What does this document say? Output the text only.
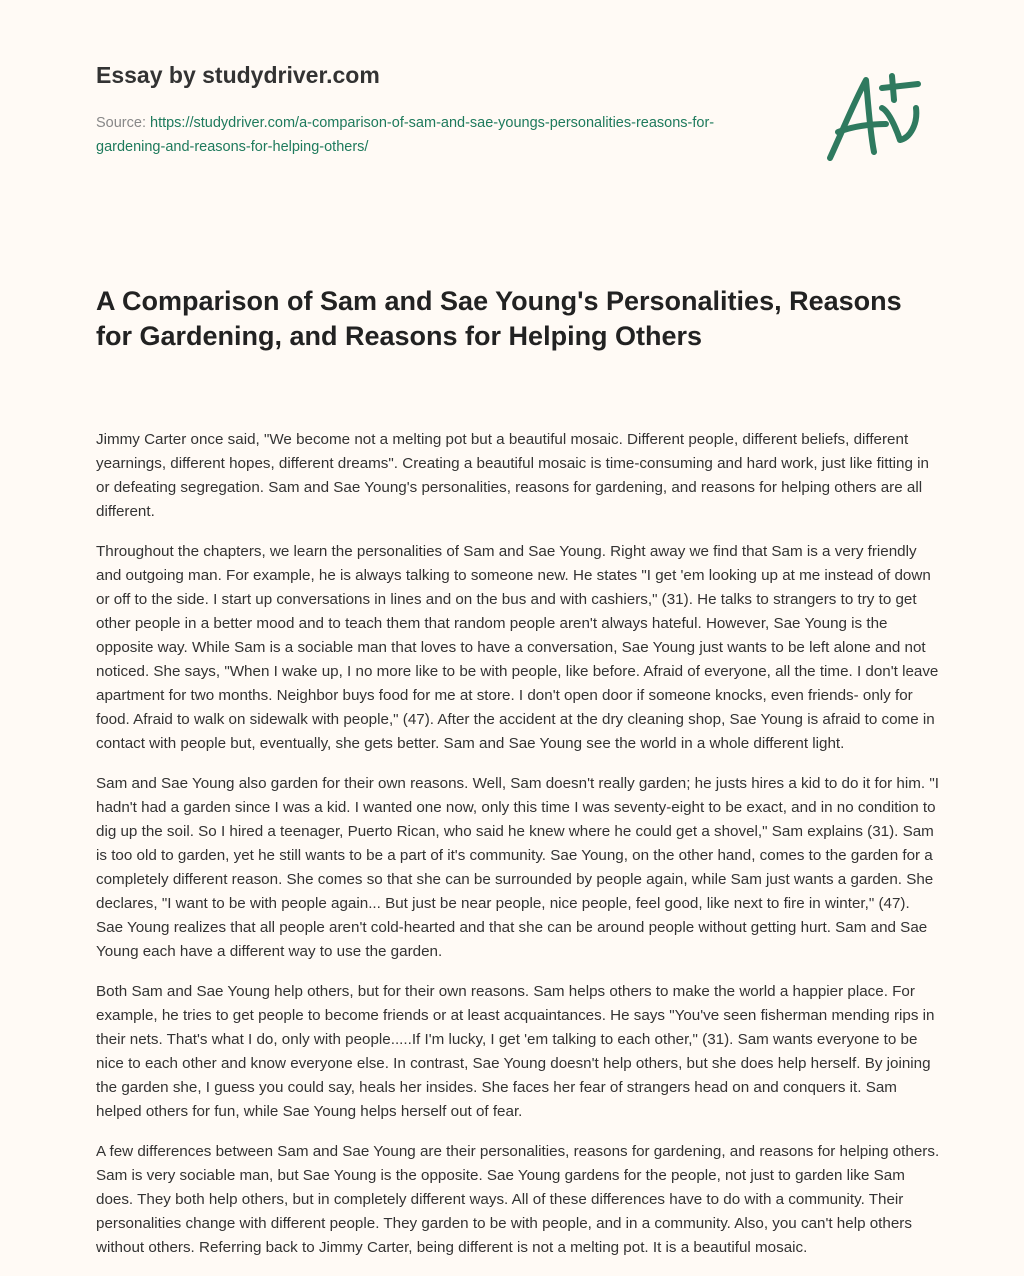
Essay by studydriver.com
Source: https://studydriver.com/a-comparison-of-sam-and-sae-youngs-personalities-reasons-for-gardening-and-reasons-for-helping-others/
A Comparison of Sam and Sae Young's Personalities, Reasons for Gardening, and Reasons for Helping Others

Jimmy Carter once said, "We become not a melting pot but a beautiful mosaic. Different people, different beliefs, different yearnings, different hopes, different dreams". Creating a beautiful mosaic is time-consuming and hard work, just like fitting in or defeating segregation. Sam and Sae Young's personalities, reasons for gardening, and reasons for helping others are all different.

Throughout the chapters, we learn the personalities of Sam and Sae Young. Right away we find that Sam is a very friendly and outgoing man. For example, he is always talking to someone new. He states "I get 'em looking up at me instead of down or off to the side. I start up conversations in lines and on the bus and with cashiers," (31). He talks to strangers to try to get other people in a better mood and to teach them that random people aren't always hateful. However, Sae Young is the opposite way. While Sam is a sociable man that loves to have a conversation, Sae Young just wants to be left alone and not noticed. She says, "When I wake up, I no more like to be with people, like before. Afraid of everyone, all the time. I don't leave apartment for two months. Neighbor buys food for me at store. I don't open door if someone knocks, even friends- only for food. Afraid to walk on sidewalk with people," (47). After the accident at the dry cleaning shop, Sae Young is afraid to come in contact with people but, eventually, she gets better. Sam and Sae Young see the world in a whole different light.

Sam and Sae Young also garden for their own reasons. Well, Sam doesn't really garden; he justs hires a kid to do it for him. "I hadn't had a garden since I was a kid. I wanted one now, only this time I was seventy-eight to be exact, and in no condition to dig up the soil. So I hired a teenager, Puerto Rican, who said he knew where he could get a shovel," Sam explains (31). Sam is too old to garden, yet he still wants to be a part of it's community. Sae Young, on the other hand, comes to the garden for a completely different reason. She comes so that she can be surrounded by people again, while Sam just wants a garden. She declares, "I want to be with people again... But just be near people, nice people, feel good, like next to fire in winter," (47). Sae Young realizes that all people aren't cold-hearted and that she can be around people without getting hurt. Sam and Sae Young each have a different way to use the garden.

Both Sam and Sae Young help others, but for their own reasons. Sam helps others to make the world a happier place. For example, he tries to get people to become friends or at least acquaintances. He says "You've seen fisherman mending rips in their nets. That's what I do, only with people.....If I'm lucky, I get 'em talking to each other," (31). Sam wants everyone to be nice to each other and know everyone else. In contrast, Sae Young doesn't help others, but she does help herself. By joining the garden she, I guess you could say, heals her insides. She faces her fear of strangers head on and conquers it. Sam helped others for fun, while Sae Young helps herself out of fear.

A few differences between Sam and Sae Young are their personalities, reasons for gardening, and reasons for helping others. Sam is very sociable man, but Sae Young is the opposite. Sae Young gardens for the people, not just to garden like Sam does. They both help others, but in completely different ways. All of these differences have to do with a community. Their personalities change with different people. They garden to be with people, and in a community. Also, you can't help others without others. Referring back to Jimmy Carter, being different is not a melting pot. It is a beautiful mosaic.
